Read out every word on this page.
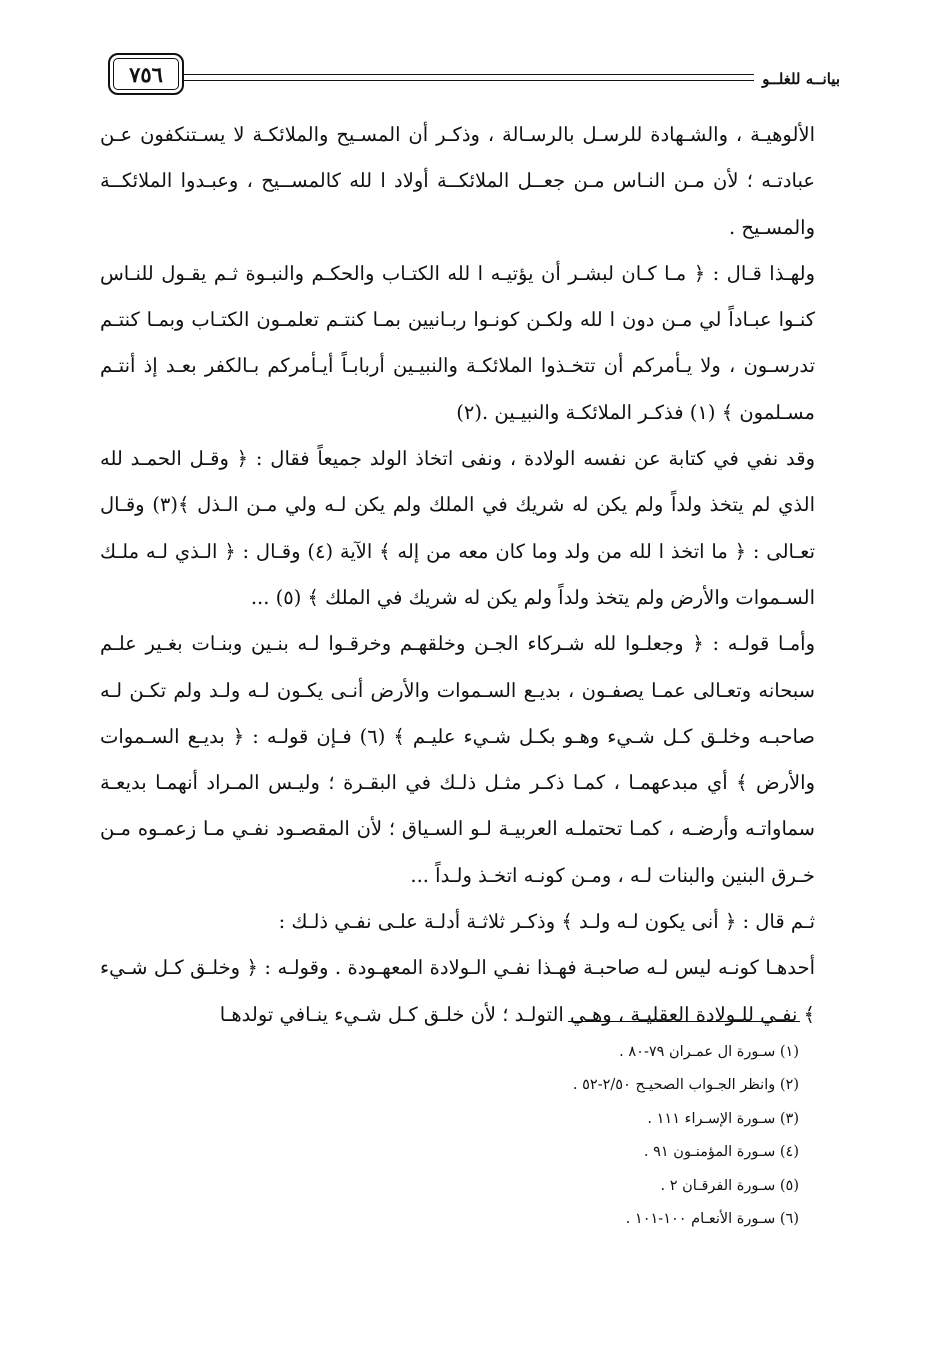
٧٥٦	بيانــه للغلــو

الألوهيـة ، والشـهادة للرسـل بالرسـالة ، وذكـر أن المسـيح والملائكـة لا يسـتنكفون عـن عبادتـه ؛ لأن مـن النـاس مـن جعــل الملائكــة أولاد ا لله كالمســيح ، وعبـدوا الملائكــة والمسـيح .

ولهـذا قـال : ﴿ مـا كـان لبشـر أن يؤتيـه ا لله الكتـاب والحكـم والنبـوة ثـم يقـول للنـاس كنـوا عبـاداً لي مـن دون ا لله ولكـن كونـوا ربـانيين بمـا كنتـم تعلمـون الكتـاب وبمـا كنتـم تدرسـون ، ولا يـأمركم أن تتخـذوا الملائكـة والنبيـين أربابـاً أيـأمركم بـالكفر بعـد إذ أنتـم مسـلمون ﴾ (١) فذكـر الملائكـة والنبيـين .(٢)

وقد نفي في كتابة عن نفسه الولادة ، ونفى اتخاذ الولد جميعاً فقال : ﴿ وقـل الحمـد لله الذي لم يتخذ ولداً ولم يكن له شريك في الملك ولم يكن لـه ولي مـن الـذل ﴾(٣) وقـال تعـالى : ﴿ ما اتخذ ا لله من ولد وما كان معه من إله ﴾ الآية (٤) وقـال : ﴿ الـذي لـه ملـك السـموات والأرض ولم يتخذ ولداً ولم يكن له شريك في الملك ﴾ (٥) ...

وأمـا قولـه : ﴿ وجعلـوا لله شـركاء الجـن وخلقهـم وخرقـوا لـه بنـين وبنـات بغـير علـم سبحانه وتعـالى عمـا يصفـون ، بديـع السـموات والأرض أنـى يكـون لـه ولـد ولم تكـن لـه صاحبـه وخلـق كـل شـيء وهـو بكـل شـيء عليـم ﴾ (٦) فـإن قولـه : ﴿ بديـع السـموات والأرض ﴾ أي مبدعهمـا ، كمـا ذكـر مثـل ذلـك في البقـرة ؛ وليـس المـراد أنهمـا بديعـة سماواتـه وأرضـه ، كمـا تحتملـه العربيـة لـو السـياق ؛ لأن المقصـود نفـي مـا زعمـوه مـن خـرق البنين والبنات لـه ، ومـن كونـه اتخـذ ولـداً ...

ثـم قال : ﴿ أنى يكون لـه ولـد ﴾ وذكـر ثلاثـة أدلـة علـى نفـي ذلـك :

أحدهـا كونـه ليس لـه صاحبـة فهـذا نفـي الـولادة المعهـودة . وقولـه : ﴿ وخلـق كـل شـيء ﴾ نفـي للـولادة العقليـة ، وهـي التولـد ؛ لأن خلـق كـل شـيء ينـافي تولدهـا

(١) سـورة ال عمـران ٧٩-٨٠ .

(٢) وانظر الجـواب الصحيـح ٢/٥٠-٥٢ .

(٣) سـورة الإسـراء ١١١ .

(٤) سـورة المؤمنـون ٩١ .

(٥) سـورة الفرقـان ٢ .

(٦) سـورة الأنعـام ١٠٠-١٠١ .
